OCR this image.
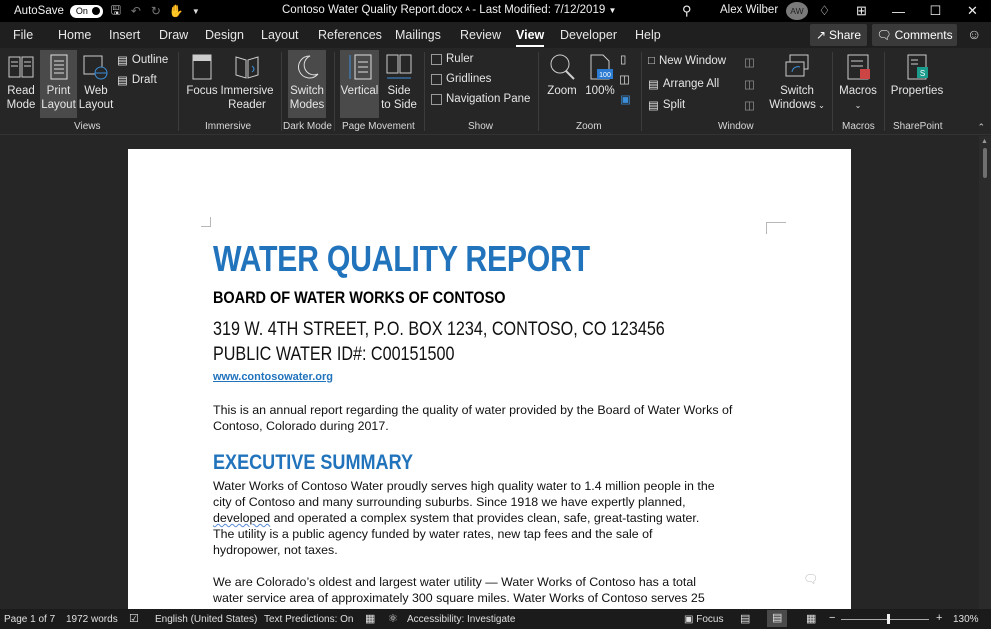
AutoSave On 🖫 ↶ ↻ ✋	▼	Contoso Water Quality Report.docx ᴬ - Last Modified: 7/12/2019 ▼	⚲ Alex Wilber	AW	♢	⊞	—	☐	✕
File Home Insert Draw Design Layout References Mailings Review View Developer Help	↗ Share 🗨 Comments ☺
Read
Mode
Print
Layout
Web
Layout
▤ Outline
▤ Draft
Views
Focus Immersive
Reader
Immersive
Switch
Modes
Dark Mode
Vertical Side
to Side
Page Movement
Ruler
Gridlines
Navigation Pane
Show
Zoom
100
100%
▯
◫
▣
Zoom
□ New Window
▤ Arrange All
▤ Split
◫
◫
◫
Switch
Windows ⌄
Window
Macros
⌄
Macros
S
Properties
SharePoint	⌃
WATER QUALITY REPORT
BOARD OF WATER WORKS OF CONTOSO
319 W. 4TH STREET, P.O. BOX 1234, CONTOSO, CO 123456
PUBLIC WATER ID#: C00151500
www.contosowater.org
This is an annual report regarding the quality of water provided by the Board of Water Works of Contoso, Colorado during 2017.
EXECUTIVE SUMMARY
Water Works of Contoso Water proudly serves high quality water to 1.4 million people in the
city of Contoso and many surrounding suburbs. Since 1918 we have expertly planned,
developed and operated a complex system that provides clean, safe, great-tasting water.
The utility is a public agency funded by water rates, new tap fees and the sale of
hydropower, not taxes.
We are Colorado’s oldest and largest water utility — Water Works of Contoso has a total
water service area of approximately 300 square miles. Water Works of Contoso serves 25
🗨
▲
Page 1 of 7 1972 words ☑ English (United States) Text Predictions: On ▦ ⚛ Accessibility: Investigate	▣ Focus ▤	▤	▦ −	+ 130%
